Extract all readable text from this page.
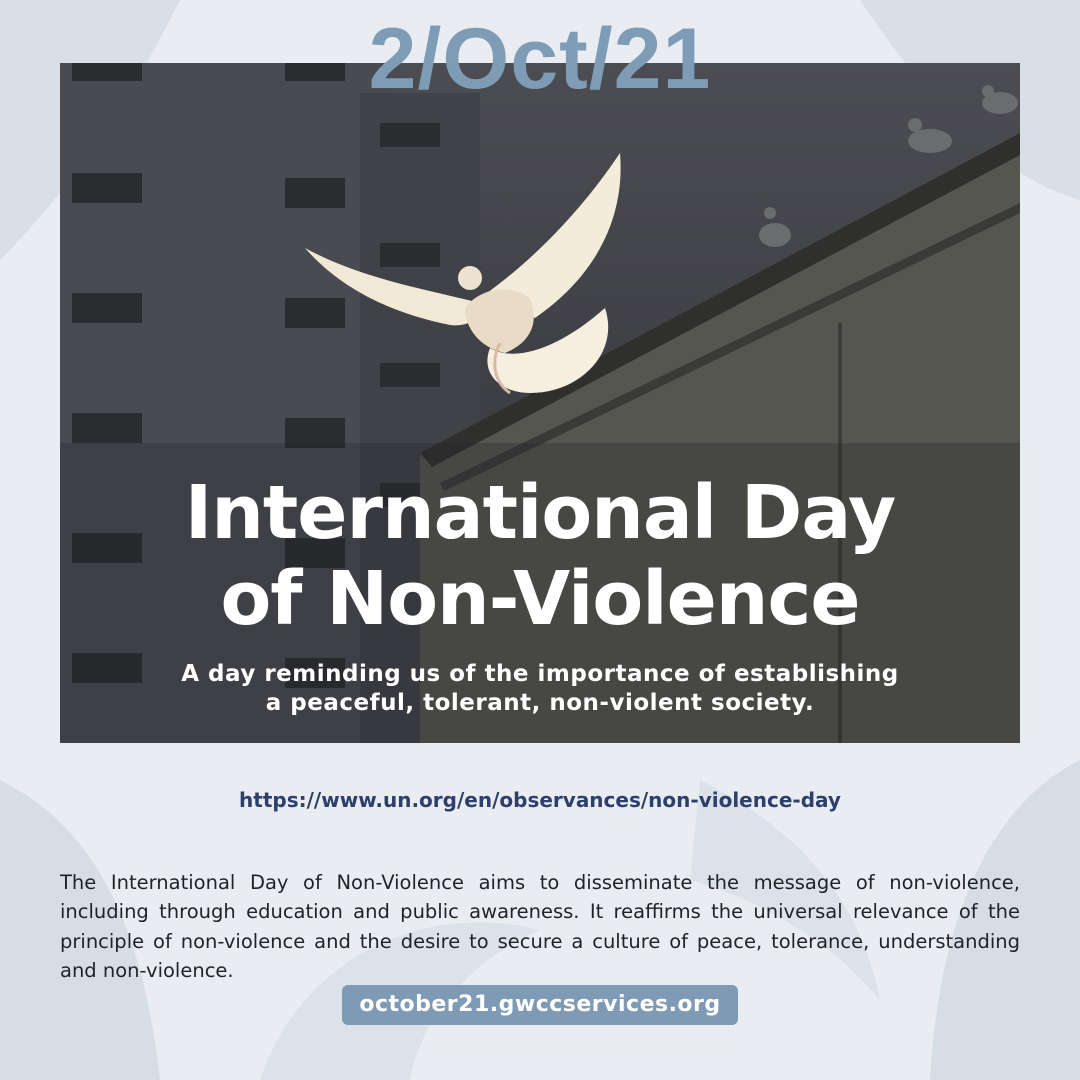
2/Oct/21
International Day
of Non-Violence
A day reminding us of the importance of establishing
a peaceful, tolerant, non-violent society.
https://www.un.org/en/observances/non-violence-day

The International Day of Non-Violence aims to disseminate the message of non-violence, including through education and public awareness. It reaffirms the universal relevance of the principle of non-violence and the desire to secure a culture of peace, tolerance, understanding and non-violence.

october21.gwccservices.org
